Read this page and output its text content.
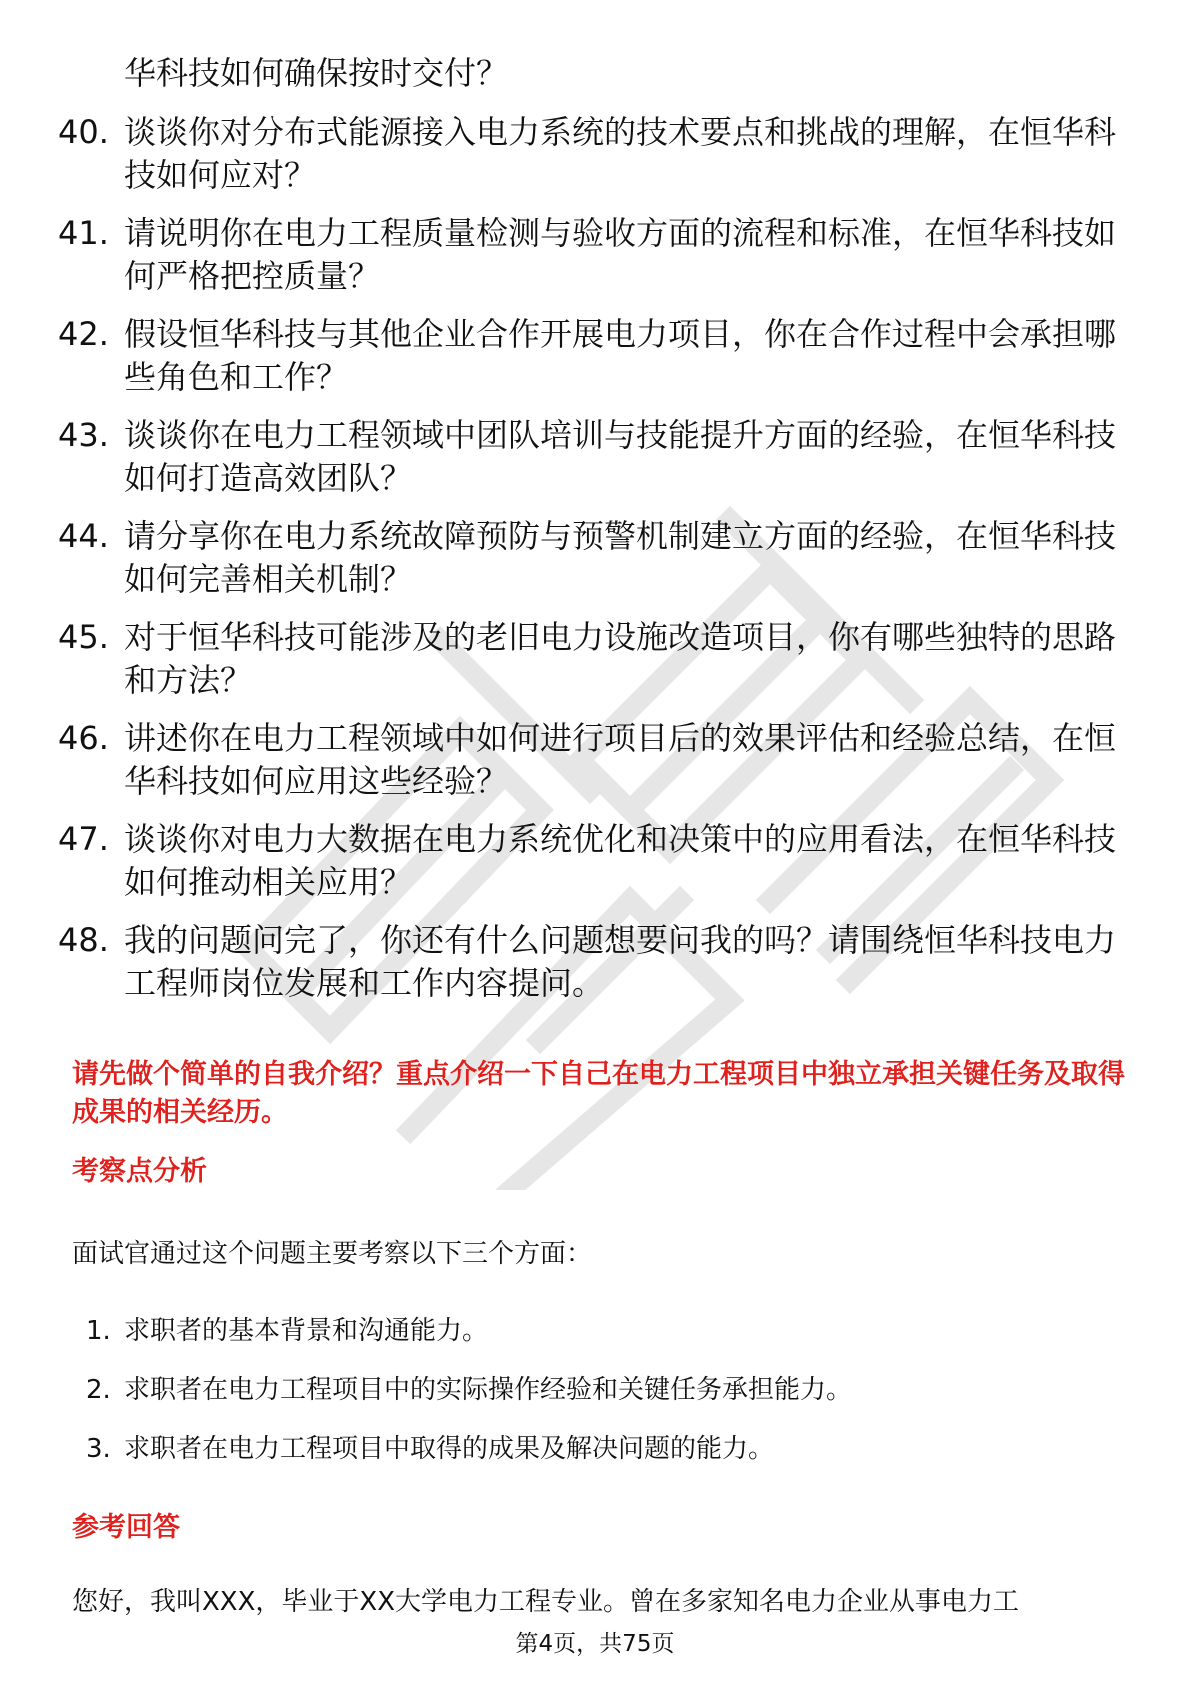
华科技如何确保按时交付？
40. 谈谈你对分布式能源接入电力系统的技术要点和挑战的理解，在恒华科技如何应对？
41. 请说明你在电力工程质量检测与验收方面的流程和标准，在恒华科技如何严格把控质量？
42. 假设恒华科技与其他企业合作开展电力项目，你在合作过程中会承担哪些角色和工作？
43. 谈谈你在电力工程领域中团队培训与技能提升方面的经验，在恒华科技如何打造高效团队？
44. 请分享你在电力系统故障预防与预警机制建立方面的经验，在恒华科技如何完善相关机制？
45. 对于恒华科技可能涉及的老旧电力设施改造项目，你有哪些独特的思路和方法？
46. 讲述你在电力工程领域中如何进行项目后的效果评估和经验总结，在恒华科技如何应用这些经验？
47. 谈谈你对电力大数据在电力系统优化和决策中的应用看法，在恒华科技如何推动相关应用？
48. 我的问题问完了，你还有什么问题想要问我的吗？请围绕恒华科技电力工程师岗位发展和工作内容提问。
请先做个简单的自我介绍？重点介绍一下自己在电力工程项目中独立承担关键任务及取得成果的相关经历。
考察点分析
面试官通过这个问题主要考察以下三个方面：
1. 求职者的基本背景和沟通能力。
2. 求职者在电力工程项目中的实际操作经验和关键任务承担能力。
3. 求职者在电力工程项目中取得的成果及解决问题的能力。
参考回答
您好，我叫XXX，毕业于XX大学电力工程专业。曾在多家知名电力企业从事电力工
第4页，共75页
